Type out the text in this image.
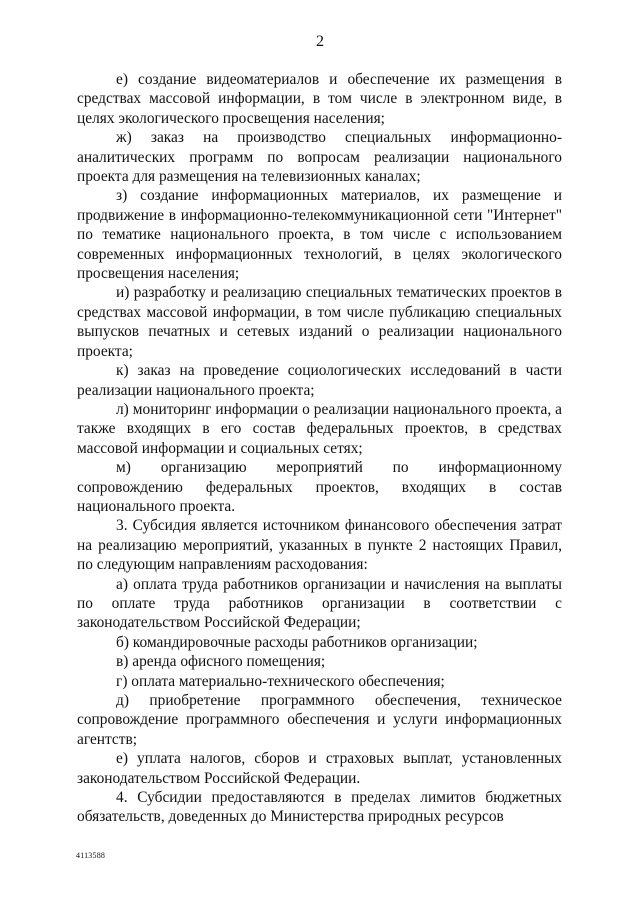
2

е) создание видеоматериалов и обеспечение их размещения в средствах массовой информации, в том числе в электронном виде, в целях экологического просвещения населения;

ж) заказ на производство специальных информационно-аналитических программ по вопросам реализации национального проекта для размещения на телевизионных каналах;

з) создание информационных материалов, их размещение и продвижение в информационно-телекоммуникационной сети "Интернет" по тематике национального проекта, в том числе с использованием современных информационных технологий, в целях экологического просвещения населения;

и) разработку и реализацию специальных тематических проектов в средствах массовой информации, в том числе публикацию специальных выпусков печатных и сетевых изданий о реализации национального проекта;

к) заказ на проведение социологических исследований в части реализации национального проекта;

л) мониторинг информации о реализации национального проекта, а также входящих в его состав федеральных проектов, в средствах массовой информации и социальных сетях;

м) организацию мероприятий по информационному сопровождению федеральных проектов, входящих в состав национального проекта.

3. Субсидия является источником финансового обеспечения затрат на реализацию мероприятий, указанных в пункте 2 настоящих Правил, по следующим направлениям расходования:

а) оплата труда работников организации и начисления на выплаты по оплате труда работников организации в соответствии с законодательством Российской Федерации;

б) командировочные расходы работников организации;

в) аренда офисного помещения;

г) оплата материально-технического обеспечения;

д) приобретение программного обеспечения, техническое сопровождение программного обеспечения и услуги информационных агентств;

е) уплата налогов, сборов и страховых выплат, установленных законодательством Российской Федерации.

4. Субсидии предоставляются в пределах лимитов бюджетных обязательств, доведенных до Министерства природных ресурсов

4113588
